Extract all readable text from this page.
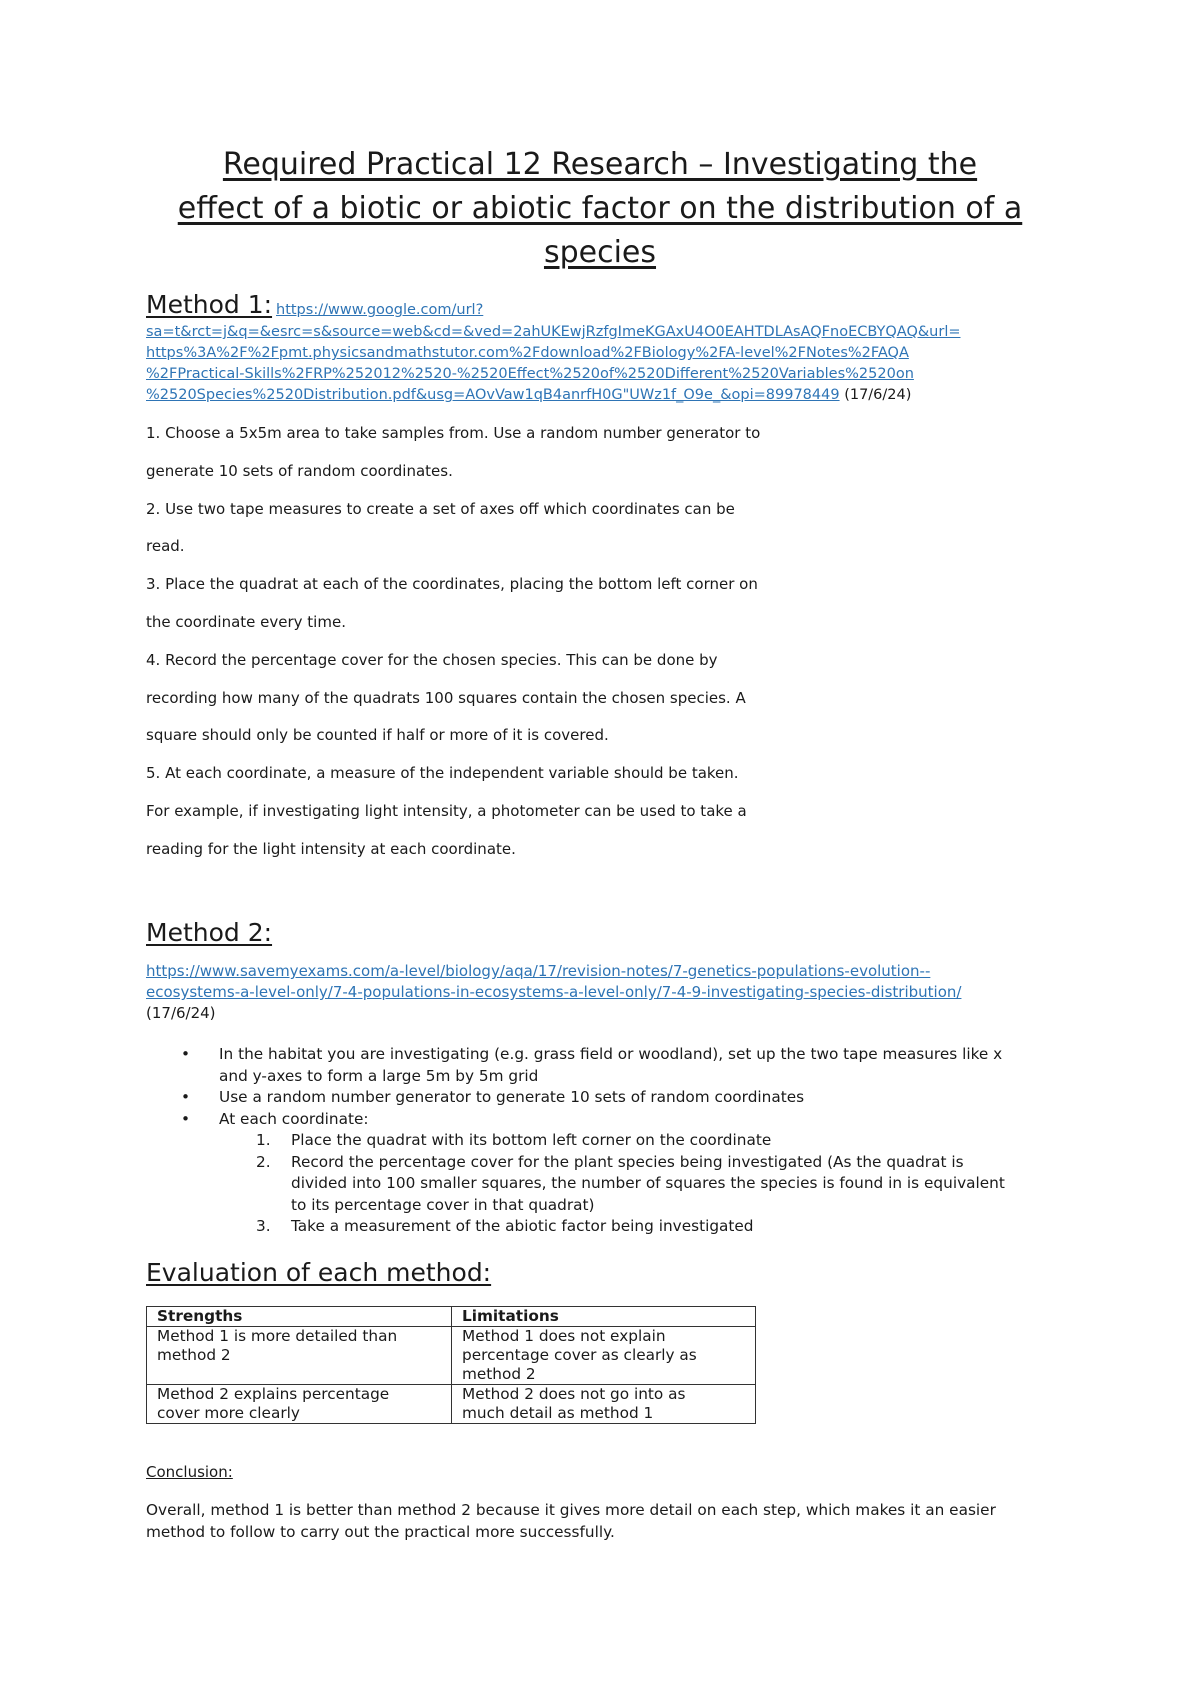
Required Practical 12 Research – Investigating the
effect of a biotic or abiotic factor on the distribution of a
species
Method 1: https://www.google.com/url?
sa=t&rct=j&q=&esrc=s&source=web&cd=&ved=2ahUKEwjRzfgImeKGAxU4O0EAHTDLAsAQFnoECBYQAQ&url=
https%3A%2F%2Fpmt.physicsandmathstutor.com%2Fdownload%2FBiology%2FA-level%2FNotes%2FAQA
%2FPractical-Skills%2FRP%252012%2520-%2520Effect%2520of%2520Different%2520Variables%2520on
%2520Species%2520Distribution.pdf&usg=AOvVaw1qB4anrfH0G"UWz1f_O9e_&opi=89978449 (17/6/24)
1. Choose a 5x5m area to take samples from. Use a random number generator to
generate 10 sets of random coordinates.
2. Use two tape measures to create a set of axes off which coordinates can be
read.
3. Place the quadrat at each of the coordinates, placing the bottom left corner on
the coordinate every time.
4. Record the percentage cover for the chosen species. This can be done by
recording how many of the quadrats 100 squares contain the chosen species. A
square should only be counted if half or more of it is covered.
5. At each coordinate, a measure of the independent variable should be taken.
For example, if investigating light intensity, a photometer can be used to take a
reading for the light intensity at each coordinate.
Method 2:
https://www.savemyexams.com/a-level/biology/aqa/17/revision-notes/7-genetics-populations-evolution--
ecosystems-a-level-only/7-4-populations-in-ecosystems-a-level-only/7-4-9-investigating-species-distribution/
(17/6/24)
• In the habitat you are investigating (e.g. grass field or woodland), set up the two tape measures like x
and y-axes to form a large 5m by 5m grid
• Use a random number generator to generate 10 sets of random coordinates
• At each coordinate:
1. Place the quadrat with its bottom left corner on the coordinate
2. Record the percentage cover for the plant species being investigated (As the quadrat is
divided into 100 smaller squares, the number of squares the species is found in is equivalent
to its percentage cover in that quadrat)
3. Take a measurement of the abiotic factor being investigated
Evaluation of each method:
Strengths	Limitations
Method 1 is more detailed than
method 2	Method 1 does not explain
percentage cover as clearly as
method 2
Method 2 explains percentage
cover more clearly	Method 2 does not go into as
much detail as method 1
Conclusion:
Overall, method 1 is better than method 2 because it gives more detail on each step, which makes it an easier
method to follow to carry out the practical more successfully.
